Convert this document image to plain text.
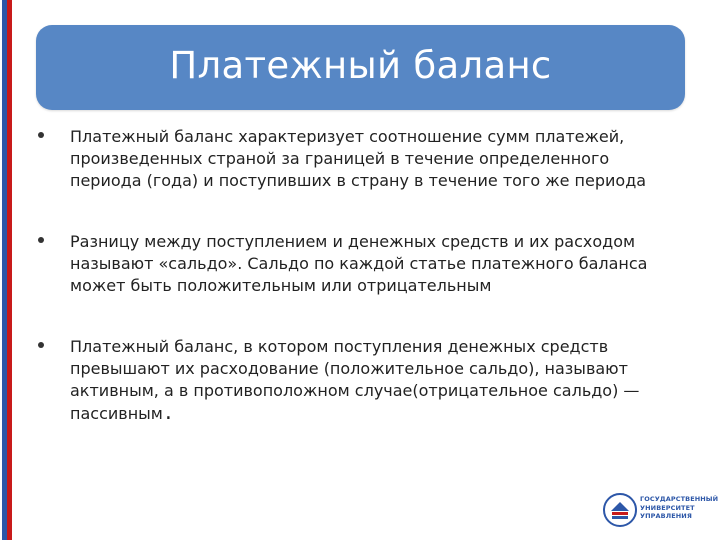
Платежный баланс
Платежный баланс характеризует соотношение сумм платежей,
произведенных страной за границей в течение определенного
периода (года) и поступивших в страну в течение того же периода
Разницу между поступлением и денежных средств и их расходом
называют «сальдо». Сальдо по каждой статье платежного баланса
может быть положительным или отрицательным
Платежный баланс, в котором поступления денежных средств
превышают их расходование (положительное сальдо), называют
активным, а в противоположном случае(отрицательное сальдо) —
пассивным.
ГОСУДАРСТВЕННЫЙ
УНИВЕРСИТЕТ
УПРАВЛЕНИЯ
